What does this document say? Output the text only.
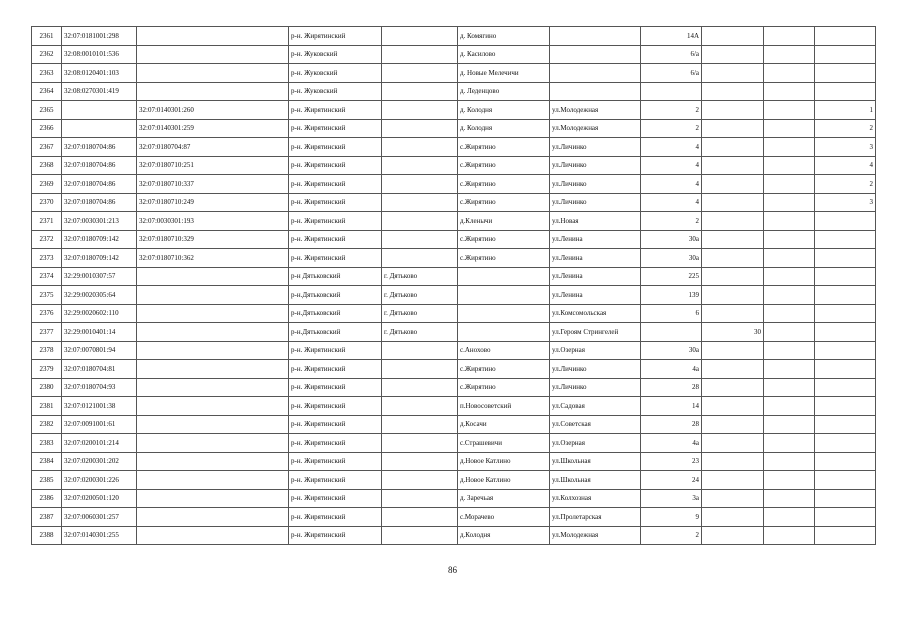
2361	32:07:0181001:298		р-н. Жирятинский		д. Комягино		14А			
2362	32:08:0010101:536		р-н. Жуковский		д. Касилово		6/а			
2363	32:08:0120401:103		р-н. Жуковский		д. Новые Мелечичи		6/а			
2364	32:08:0270301:419		р-н. Жуковский		д. Леденцово					
2365		32:07:0140301:260	р-н. Жирятинский		д. Колодня	ул.Молодежная	2			1
2366		32:07:0140301:259	р-н. Жирятинский		д. Колодня	ул.Молодежная	2			2
2367	32:07:0180704:86	32:07:0180704:87	р-н. Жирятинский		с.Жирятино	ул.Личинко	4			3
2368	32:07:0180704:86	32:07:0180710:251	р-н. Жирятинский		с.Жирятино	ул.Личинко	4			4
2369	32:07:0180704:86	32:07:0180710:337	р-н. Жирятинский		с.Жирятино	ул.Личинко	4			2
2370	32:07:0180704:86	32:07:0180710:249	р-н. Жирятинский		с.Жирятино	ул.Личинко	4			3
2371	32:07:0030301:213	32:07:0030301:193	р-н. Жирятинский		д.Кленычи	ул.Новая	2			
2372	32:07:0180709:142	32:07:0180710:329	р-н. Жирятинский		с.Жирятино	ул.Ленина	30а			
2373	32:07:0180709:142	32:07:0180710:362	р-н. Жирятинский		с.Жирятино	ул.Ленина	30а			
2374	32:29:0010307:57		р-н Дятьковский	г. Дятьково		ул.Ленина	225			
2375	32:29:0020305:64		р-н.Дятьковский	г. Дятьково		ул.Ленина	139			
2376	32:29:0020602:110		р-н.Дятьковский	г. Дятьково		ул.Комсомольская	6			
2377	32:29:0010401:14		р-н.Дятьковский	г. Дятьково		ул.Героям Стрингелей		30		
2378	32:07:0070801:94		р-н. Жирятинский		с.Анохово	ул.Озерная	30а			
2379	32:07:0180704:81		р-н. Жирятинский		с.Жирятино	ул.Личинко	4а			
2380	32:07:0180704:93		р-н. Жирятинский		с.Жирятино	ул.Личинко	28			
2381	32:07:0121001:38		р-н. Жирятинский		п.Новосоветский	ул.Садовая	14			
2382	32:07:0091001:61		р-н. Жирятинский		д.Косачи	ул.Советская	28			
2383	32:07:0200101:214		р-н. Жирятинский		с.Страшевичи	ул.Озерная	4а			
2384	32:07:0200301:202		р-н. Жирятинский		д.Новое Катлино	ул.Школьная	23			
2385	32:07:0200301:226		р-н. Жирятинский		д.Новое Катлино	ул.Школьная	24			
2386	32:07:0200501:120		р-н. Жирятинский		д. Заречьая	ул.Колхозная	3а			
2387	32:07:0060301:257		р-н. Жирятинский		с.Морачево	ул.Пролетарская	9			
2388	32:07:0140301:255		р-н. Жирятинский		д.Колодня	ул.Молодежная	2			
86
